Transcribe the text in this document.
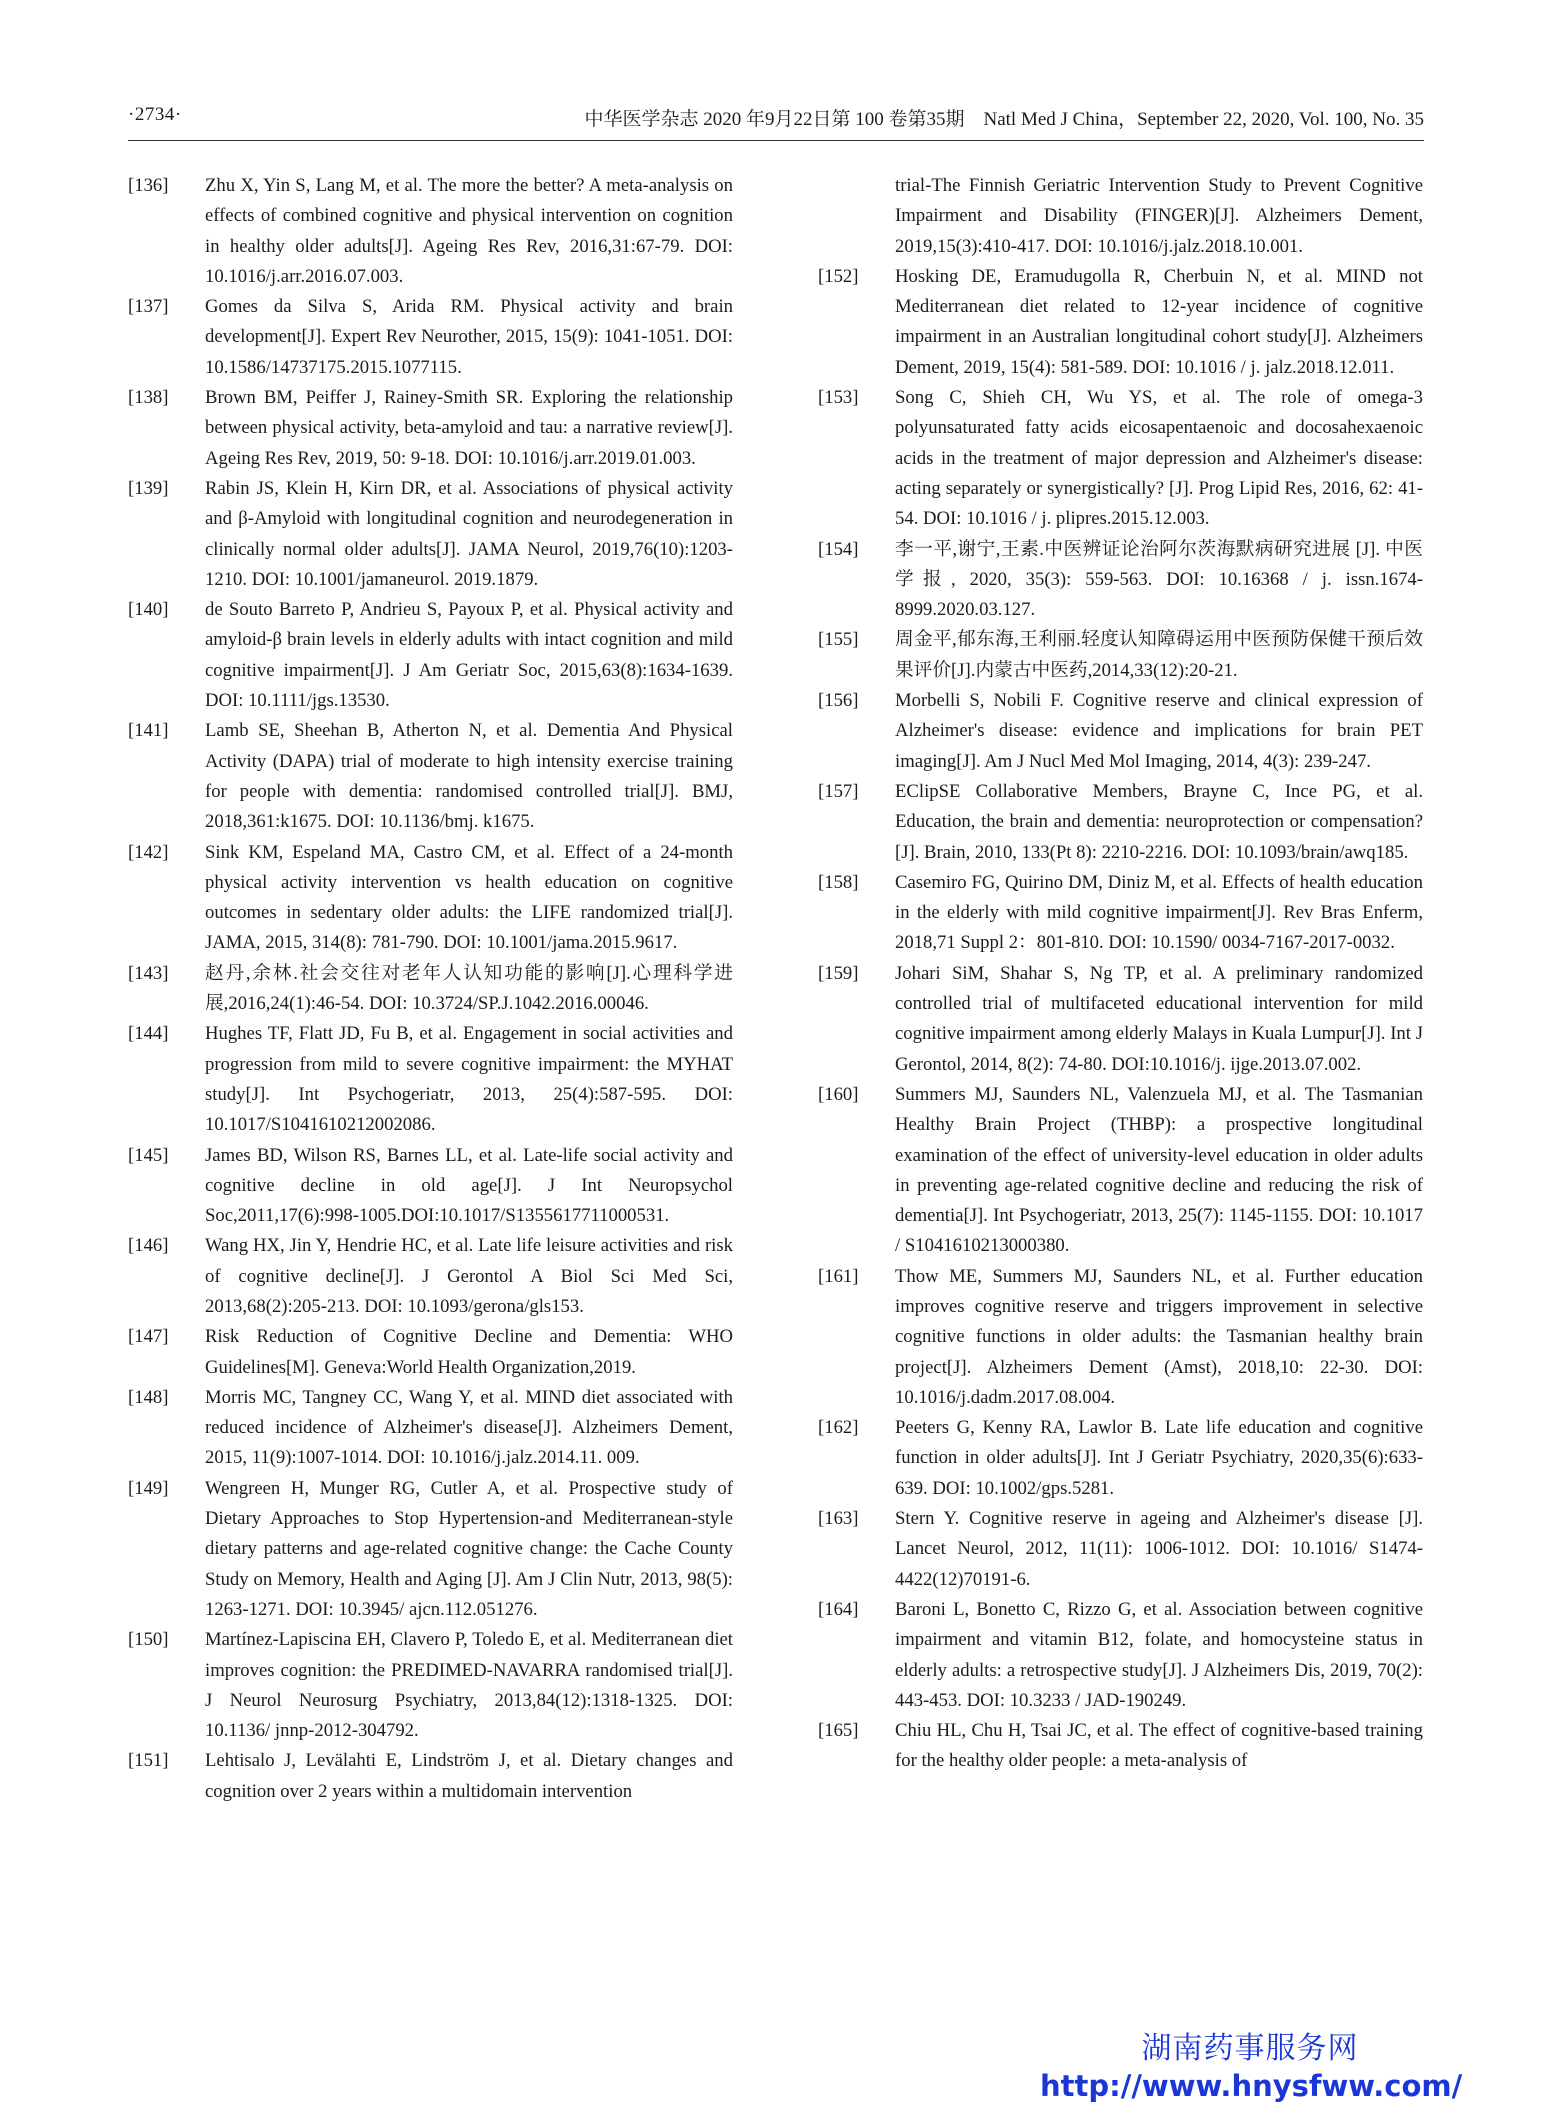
·2734·	中华医学杂志 2020 年9月22日第 100 卷第35期　Natl Med J China，September 22, 2020, Vol. 100, No. 35
[136] Zhu X, Yin S, Lang M, et al. The more the better? A meta-analysis on effects of combined cognitive and physical intervention on cognition in healthy older adults[J]. Ageing Res Rev, 2016,31:67-79. DOI: 10.1016/j.arr.2016.07.003.
[137] Gomes da Silva S, Arida RM. Physical activity and brain development[J]. Expert Rev Neurother, 2015, 15(9): 1041-1051. DOI: 10.1586/14737175.2015.1077115.
[138] Brown BM, Peiffer J, Rainey-Smith SR. Exploring the relationship between physical activity, beta-amyloid and tau: a narrative review[J]. Ageing Res Rev, 2019, 50: 9-18. DOI: 10.1016/j.arr.2019.01.003.
[139] Rabin JS, Klein H, Kirn DR, et al. Associations of physical activity and β-Amyloid with longitudinal cognition and neurodegeneration in clinically normal older adults[J]. JAMA Neurol, 2019,76(10):1203-1210. DOI: 10.1001/jamaneurol. 2019.1879.
[140] de Souto Barreto P, Andrieu S, Payoux P, et al. Physical activity and amyloid-β brain levels in elderly adults with intact cognition and mild cognitive impairment[J]. J Am Geriatr Soc, 2015,63(8):1634-1639. DOI: 10.1111/jgs.13530.
[141] Lamb SE, Sheehan B, Atherton N, et al. Dementia And Physical Activity (DAPA) trial of moderate to high intensity exercise training for people with dementia: randomised controlled trial[J]. BMJ, 2018,361:k1675. DOI: 10.1136/bmj. k1675.
[142] Sink KM, Espeland MA, Castro CM, et al. Effect of a 24-month physical activity intervention vs health education on cognitive outcomes in sedentary older adults: the LIFE randomized trial[J]. JAMA, 2015, 314(8): 781-790. DOI: 10.1001/jama.2015.9617.
[143] 赵丹,余林.社会交往对老年人认知功能的影响[J].心理科学进展,2016,24(1):46-54. DOI: 10.3724/SP.J.1042.2016.00046.
[144] Hughes TF, Flatt JD, Fu B, et al. Engagement in social activities and progression from mild to severe cognitive impairment: the MYHAT study[J]. Int Psychogeriatr, 2013, 25(4):587-595. DOI: 10.1017/S1041610212002086.
[145] James BD, Wilson RS, Barnes LL, et al. Late-life social activity and cognitive decline in old age[J]. J Int Neuropsychol Soc,2011,17(6):998-1005.DOI:10.1017/S1355617711000531.
[146] Wang HX, Jin Y, Hendrie HC, et al. Late life leisure activities and risk of cognitive decline[J]. J Gerontol A Biol Sci Med Sci, 2013,68(2):205-213. DOI: 10.1093/gerona/gls153.
[147] Risk Reduction of Cognitive Decline and Dementia: WHO Guidelines[M]. Geneva:World Health Organization,2019.
[148] Morris MC, Tangney CC, Wang Y, et al. MIND diet associated with reduced incidence of Alzheimer's disease[J]. Alzheimers Dement, 2015, 11(9):1007-1014. DOI: 10.1016/j.jalz.2014.11. 009.
[149] Wengreen H, Munger RG, Cutler A, et al. Prospective study of Dietary Approaches to Stop Hypertension-and Mediterranean-style dietary patterns and age-related cognitive change: the Cache County Study on Memory, Health and Aging [J]. Am J Clin Nutr, 2013, 98(5): 1263-1271. DOI: 10.3945/ ajcn.112.051276.
[150] Martínez-Lapiscina EH, Clavero P, Toledo E, et al. Mediterranean diet improves cognition: the PREDIMED-NAVARRA randomised trial[J]. J Neurol Neurosurg Psychiatry, 2013,84(12):1318-1325. DOI: 10.1136/ jnnp-2012-304792.
[151] Lehtisalo J, Levälahti E, Lindström J, et al. Dietary changes and cognition over 2 years within a multidomain intervention
trial-The Finnish Geriatric Intervention Study to Prevent Cognitive Impairment and Disability (FINGER)[J]. Alzheimers Dement, 2019,15(3):410-417. DOI: 10.1016/j.jalz.2018.10.001.
[152] Hosking DE, Eramudugolla R, Cherbuin N, et al. MIND not Mediterranean diet related to 12-year incidence of cognitive impairment in an Australian longitudinal cohort study[J]. Alzheimers Dement, 2019, 15(4): 581-589. DOI: 10.1016 / j. jalz.2018.12.011.
[153] Song C, Shieh CH, Wu YS, et al. The role of omega-3 polyunsaturated fatty acids eicosapentaenoic and docosahexaenoic acids in the treatment of major depression and Alzheimer's disease: acting separately or synergistically? [J]. Prog Lipid Res, 2016, 62: 41-54. DOI: 10.1016 / j. plipres.2015.12.003.
[154] 李一平,谢宁,王素.中医辨证论治阿尔茨海默病研究进展 [J]. 中医学报, 2020, 35(3): 559-563. DOI: 10.16368 / j. issn.1674-8999.2020.03.127.
[155] 周金平,郁东海,王利丽.轻度认知障碍运用中医预防保健干预后效果评价[J].内蒙古中医药,2014,33(12):20-21.
[156] Morbelli S, Nobili F. Cognitive reserve and clinical expression of Alzheimer's disease: evidence and implications for brain PET imaging[J]. Am J Nucl Med Mol Imaging, 2014, 4(3): 239-247.
[157] EClipSE Collaborative Members, Brayne C, Ince PG, et al. Education, the brain and dementia: neuroprotection or compensation? [J]. Brain, 2010, 133(Pt 8): 2210-2216. DOI: 10.1093/brain/awq185.
[158] Casemiro FG, Quirino DM, Diniz M, et al. Effects of health education in the elderly with mild cognitive impairment[J]. Rev Bras Enferm, 2018,71 Suppl 2：801-810. DOI: 10.1590/ 0034-7167-2017-0032.
[159] Johari SiM, Shahar S, Ng TP, et al. A preliminary randomized controlled trial of multifaceted educational intervention for mild cognitive impairment among elderly Malays in Kuala Lumpur[J]. Int J Gerontol, 2014, 8(2): 74-80. DOI:10.1016/j. ijge.2013.07.002.
[160] Summers MJ, Saunders NL, Valenzuela MJ, et al. The Tasmanian Healthy Brain Project (THBP): a prospective longitudinal examination of the effect of university-level education in older adults in preventing age-related cognitive decline and reducing the risk of dementia[J]. Int Psychogeriatr, 2013, 25(7): 1145-1155. DOI: 10.1017 / S1041610213000380.
[161] Thow ME, Summers MJ, Saunders NL, et al. Further education improves cognitive reserve and triggers improvement in selective cognitive functions in older adults: the Tasmanian healthy brain project[J]. Alzheimers Dement (Amst), 2018,10: 22-30. DOI: 10.1016/j.dadm.2017.08.004.
[162] Peeters G, Kenny RA, Lawlor B. Late life education and cognitive function in older adults[J]. Int J Geriatr Psychiatry, 2020,35(6):633-639. DOI: 10.1002/gps.5281.
[163] Stern Y. Cognitive reserve in ageing and Alzheimer's disease [J]. Lancet Neurol, 2012, 11(11): 1006-1012. DOI: 10.1016/ S1474-4422(12)70191-6.
[164] Baroni L, Bonetto C, Rizzo G, et al. Association between cognitive impairment and vitamin B12, folate, and homocysteine status in elderly adults: a retrospective study[J]. J Alzheimers Dis, 2019, 70(2): 443-453. DOI: 10.3233 / JAD-190249.
[165] Chiu HL, Chu H, Tsai JC, et al. The effect of cognitive-based training for the healthy older people: a meta-analysis of
湖南药事服务网
http://www.hnysfww.com/
